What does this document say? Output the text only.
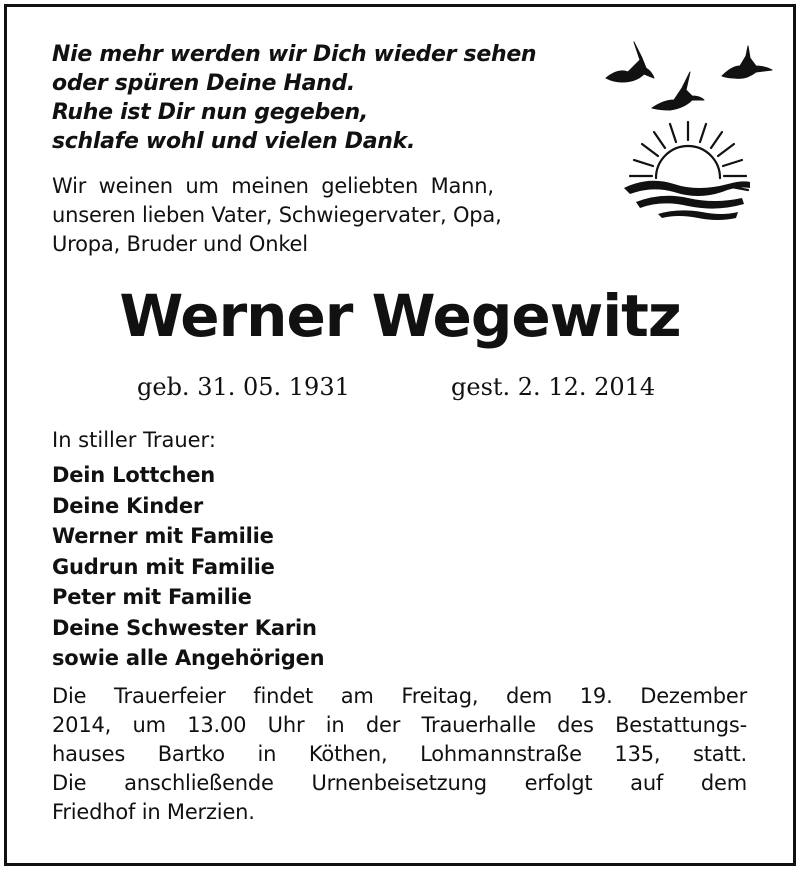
Nie mehr werden wir Dich wieder sehen
oder spüren Deine Hand.
Ruhe ist Dir nun gegeben,
schlafe wohl und vielen Dank.
Wir weinen um meinen geliebten Mann,
unseren lieben Vater, Schwiegervater, Opa,
Uropa, Bruder und Onkel
Werner Wegewitz
geb. 31. 05. 1931	gest. 2. 12. 2014
In stiller Trauer:
Dein Lottchen
Deine Kinder
Werner mit Familie
Gudrun mit Familie
Peter mit Familie
Deine Schwester Karin
sowie alle Angehörigen
Die Trauerfeier findet am Freitag, dem 19. Dezember
2014, um 13.00 Uhr in der Trauerhalle des Bestattungs-
hauses Bartko in Köthen, Lohmannstraße 135, statt.
Die anschließende Urnenbeisetzung erfolgt auf dem
Friedhof in Merzien.
